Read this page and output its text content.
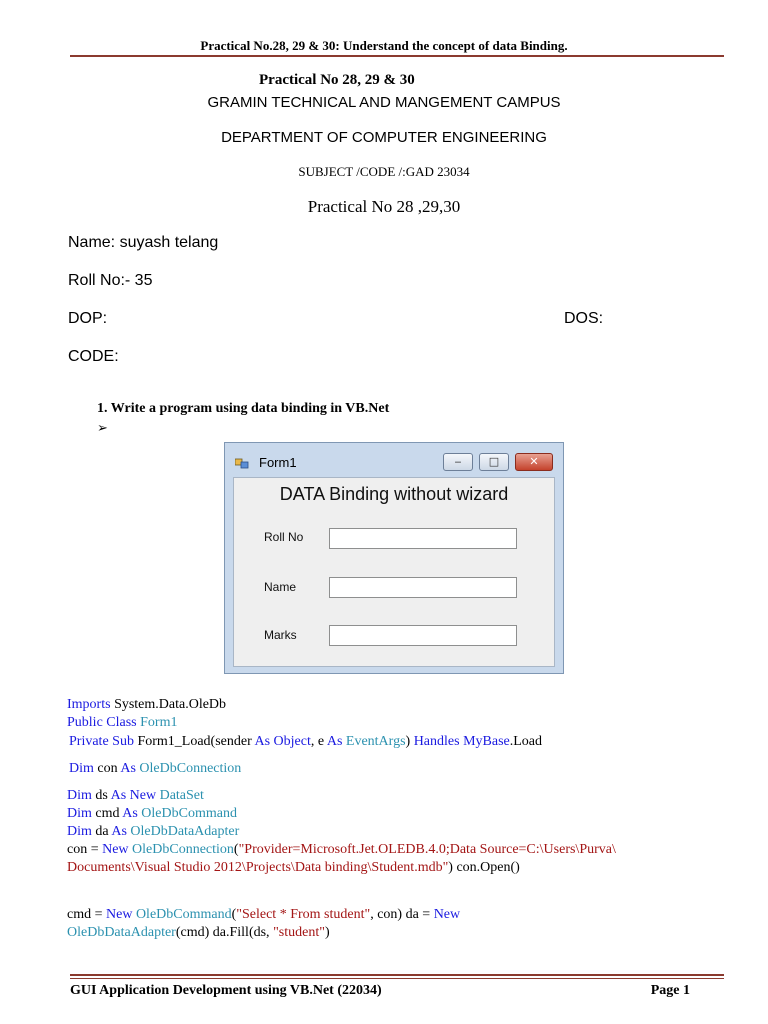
Practical No.28, 29 & 30: Understand the concept of data Binding.
Practical No 28, 29 & 30
GRAMIN TECHNICAL AND MANGEMENT CAMPUS
DEPARTMENT OF COMPUTER ENGINEERING
SUBJECT /CODE /:GAD 23034
Practical No 28 ,29,30
Name: suyash telang
Roll No:- 35
DOP:	DOS:
CODE:
1. Write a program using data binding in VB.Net
➢
Form1	‒	□	✕
DATA Binding without wizard
Roll No
Name
Marks
Imports System.Data.OleDb
Public Class Form1
Private Sub Form1_Load(sender As Object, e As EventArgs) Handles MyBase.Load
Dim con As OleDbConnection
Dim ds As New DataSet
Dim cmd As OleDbCommand
Dim da As OleDbDataAdapter
con = New OleDbConnection("Provider=Microsoft.Jet.OLEDB.4.0;Data Source=C:\Users\Purva\
Documents\Visual Studio 2012\Projects\Data binding\Student.mdb") con.Open()
cmd = New OleDbCommand("Select * From student", con) da = New
OleDbDataAdapter(cmd) da.Fill(ds, "student")
GUI Application Development using VB.Net (22034)	Page 1
